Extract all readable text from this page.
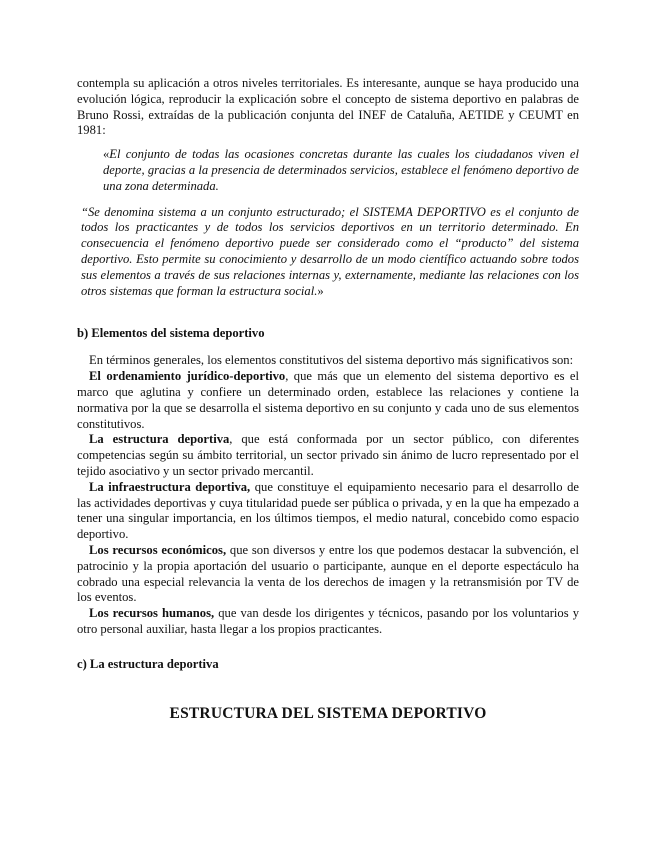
contempla su aplicación a otros niveles territoriales. Es interesante, aunque se haya producido una evolución lógica, reproducir la explicación sobre el concepto de sistema deportivo en palabras de Bruno Rossi, extraídas de la publicación conjunta del INEF de Cataluña, AETIDE y CEUMT en 1981:

«El conjunto de todas las ocasiones concretas durante las cuales los ciudadanos viven el deporte, gracias a la presencia de determinados servicios, establece el fenómeno deportivo de una zona determinada.

“Se denomina sistema a un conjunto estructurado; el SISTEMA DEPORTIVO es el conjunto de todos los practicantes y de todos los servicios deportivos en un territorio determinado. En consecuencia el fenómeno deportivo puede ser considerado como el “producto” del sistema deportivo. Esto permite su conocimiento y desarrollo de un modo científico actuando sobre todos sus elementos a través de sus relaciones internas y, externamente, mediante las relaciones con los otros sistemas que forman la estructura social.»

b) Elementos del sistema deportivo

En términos generales, los elementos constitutivos del sistema deportivo más significativos son:

El ordenamiento jurídico-deportivo, que más que un elemento del sistema deportivo es el marco que aglutina y confiere un determinado orden, establece las relaciones y contiene la normativa por la que se desarrolla el sistema deportivo en su conjunto y cada uno de sus elementos constitutivos.

La estructura deportiva, que está conformada por un sector público, con diferentes competencias según su ámbito territorial, un sector privado sin ánimo de lucro representado por el tejido asociativo y un sector privado mercantil.

La infraestructura deportiva, que constituye el equipamiento necesario para el desarrollo de las actividades deportivas y cuya titularidad puede ser pública o privada, y en la que ha empezado a tener una singular importancia, en los últimos tiempos, el medio natural, concebido como espacio deportivo.

Los recursos económicos, que son diversos y entre los que podemos destacar la subvención, el patrocinio y la propia aportación del usuario o participante, aunque en el deporte espectáculo ha cobrado una especial relevancia la venta de los derechos de imagen y la retransmisión por TV de los eventos.

Los recursos humanos, que van desde los dirigentes y técnicos, pasando por los voluntarios y otro personal auxiliar, hasta llegar a los propios practicantes.

c) La estructura deportiva

ESTRUCTURA DEL SISTEMA DEPORTIVO
